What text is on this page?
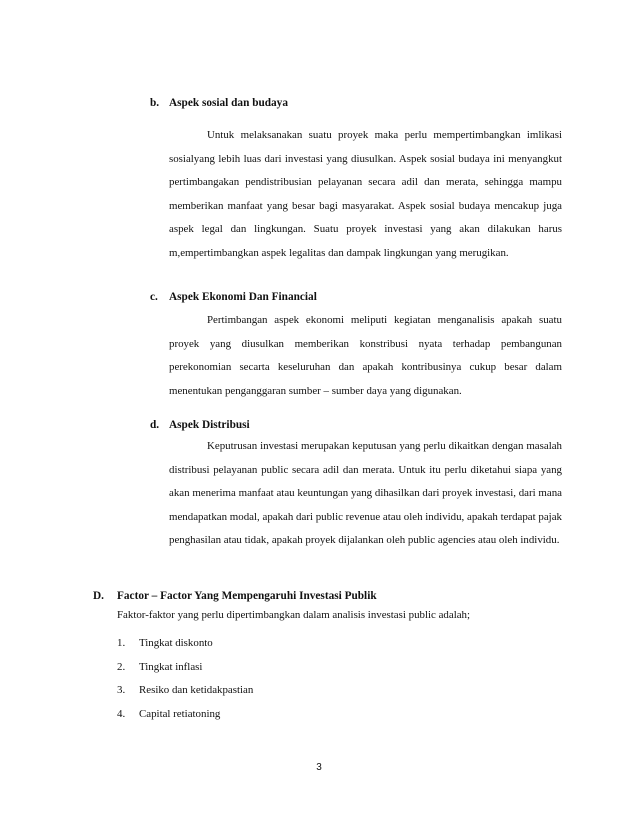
b. Aspek sosial dan budaya
Untuk melaksanakan suatu proyek maka perlu mempertimbangkan imlikasi sosialyang lebih luas dari investasi yang diusulkan. Aspek sosial budaya ini menyangkut pertimbangakan pendistribusian pelayanan secara adil dan merata, sehingga mampu memberikan manfaat yang besar bagi masyarakat. Aspek sosial budaya mencakup juga aspek legal dan lingkungan. Suatu proyek investasi yang akan dilakukan harus m,empertimbangkan aspek legalitas dan dampak lingkungan yang merugikan.
c. Aspek Ekonomi Dan Financial
Pertimbangan aspek ekonomi meliputi kegiatan menganalisis apakah suatu proyek yang diusulkan memberikan konstribusi nyata terhadap pembangunan perekonomian secarta keseluruhan dan apakah kontribusinya cukup besar dalam menentukan penganggaran sumber – sumber daya yang digunakan.
d. Aspek Distribusi
Keputrusan investasi merupakan keputusan yang perlu dikaitkan dengan masalah distribusi pelayanan public secara adil dan merata. Untuk itu perlu diketahui siapa yang akan menerima manfaat atau keuntungan yang dihasilkan dari proyek investasi, dari mana mendapatkan modal, apakah dari public revenue atau oleh individu, apakah terdapat pajak penghasilan atau tidak, apakah proyek dijalankan oleh public agencies atau oleh individu.
D. Factor – Factor Yang Mempengaruhi Investasi Publik
Faktor-faktor yang perlu dipertimbangkan dalam analisis investasi public adalah;
1. Tingkat diskonto
2. Tingkat inflasi
3. Resiko dan ketidakpastian
4. Capital retiatoning
3
